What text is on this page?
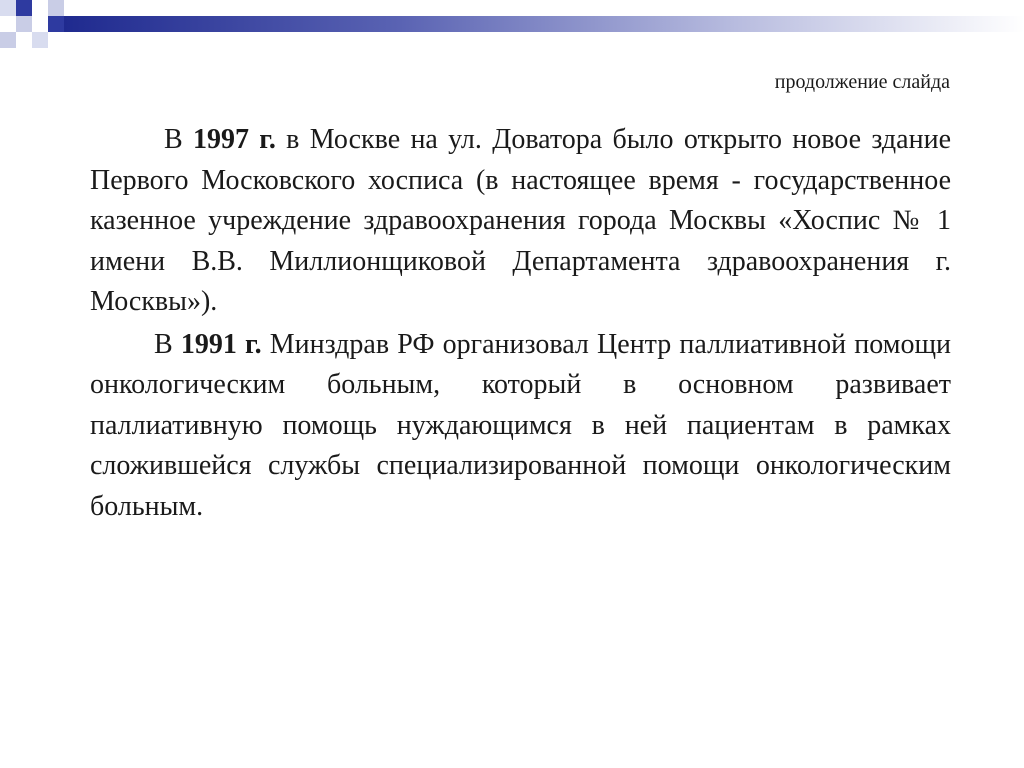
продолжение слайда

В 1997 г. в Москве на ул. Доватора было открыто новое здание Первого Московского хосписа (в настоящее время - государственное казенное учреждение здравоохранения города Москвы «Хоспис № 1 имени В.В. Миллионщиковой Департамента здравоохранения г. Москвы»).

В 1991 г. Минздрав РФ организовал Центр паллиативной помощи онкологическим больным, который в основном развивает паллиативную помощь нуждающимся в ней пациентам в рамках сложившейся службы специализированной помощи онкологическим больным.
